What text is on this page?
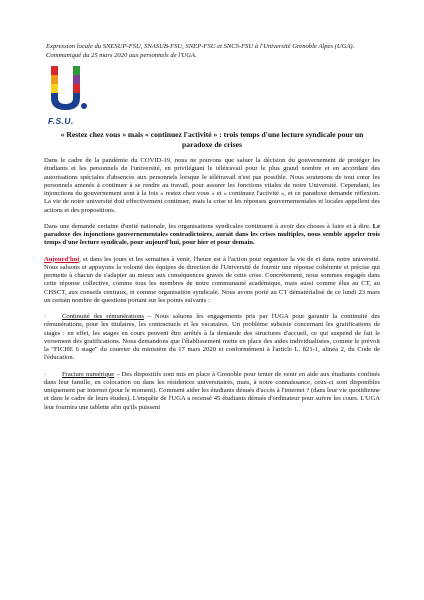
Expression locale du SNESUP-FSU, SNASUB-FSU, SNEP-FSU et SNCS-FSU à l'Université Grenoble Alpes (UGA). Communiqué du 25 mars 2020 aux personnels de l'UGA.
F.S.U.
« Restez chez vous » mais « continuez l'activité » : trois temps d'une lecture syndicale pour un paradoxe de crises
Dans le cadre de la pandémie du COVID-19, nous ne pouvons que saluer la décision du gouvernement de protéger les étudiants et les personnels de l'université, en privilégiant le télétravail pour le plus grand nombre et en accordant des autorisations spéciales d'absences aux personnels lorsque le télétravail n'est pas possible. Nous soutenons de tout cœur les personnels amenés à continuer à se rendre au travail, pour assurer les fonctions vitales de notre Université. Cependant, les injonctions du gouvernement sont à la fois « restez chez vous » et « continuez l'activité », et ce paradoxe demande réflexion. La vie de notre université doit effectivement continuer, mais la crise et les réponses gouvernementales et locales appellent des actions et des propositions.
Dans une demande certaine d'unité nationale, les organisations syndicales continuent à avoir des choses à faire et à dire. Le paradoxe des injonctions gouvernementales contradictoires, aurait dans les crises multiples, nous semble appeler trois temps d'une lecture syndicale, pour aujourd'hui, pour hier et pour demain.
Aujourd'hui, et dans les jours et les semaines à venir, l'heure est à l'action pour organiser la vie de et dans notre université. Nous saluons et appuyons la volonté des équipes de direction de l'Université de fournir une réponse cohérente et précise qui permette à chacun de s'adapter au mieux aux conséquences graves de cette crise. Concrètement, nous sommes engagés dans cette réponse collective, comme tous les membres de notre communauté académique, mais aussi comme élus au CT, au CHSCT, aux conseils centraux, et comme organisation syndicale. Nous avons porté au CT dématérialisé de ce lundi 23 mars un certain nombre de questions portant sur les points suivants :
· Continuité des rémunérations – Nous saluons les engagements pris par l'UGA pour garantir la continuité des rémunérations, pour les titulaires, les contractuels et les vacataires. Un problème subsiste concernant les gratifications de stages : en effet, les stages en cours peuvent être arrêtés à la demande des structures d'accueil, ce qui suspend de fait le versement des gratifications. Nous demandons que l'établissement mette en place des aides individualisées, comme le prévoit la "FICHE 6 stage" du courrier du ministère du 17 mars 2020 et conformément à l'article L. 821-1, alinéa 2, du Code de l'éducation.
· Fracture numérique – Des dispositifs sont mis en place à Grenoble pour tenter de venir en aide aux étudiants confinés dans leur famille, en colocation ou dans les résidences universitaires, mais, à notre connaissance, ceux-ci sont disponibles uniquement par internet (pour le moment). Comment aider les étudiants dénués d'accès à l'internet ? (dans leur vie quotidienne et dans le cadre de leurs études). L'enquête de l'UGA a recensé 45 étudiants dénués d'ordinateur pour suivre les cours. L'UGA leur fournira une tablette afin qu'ils puissent
